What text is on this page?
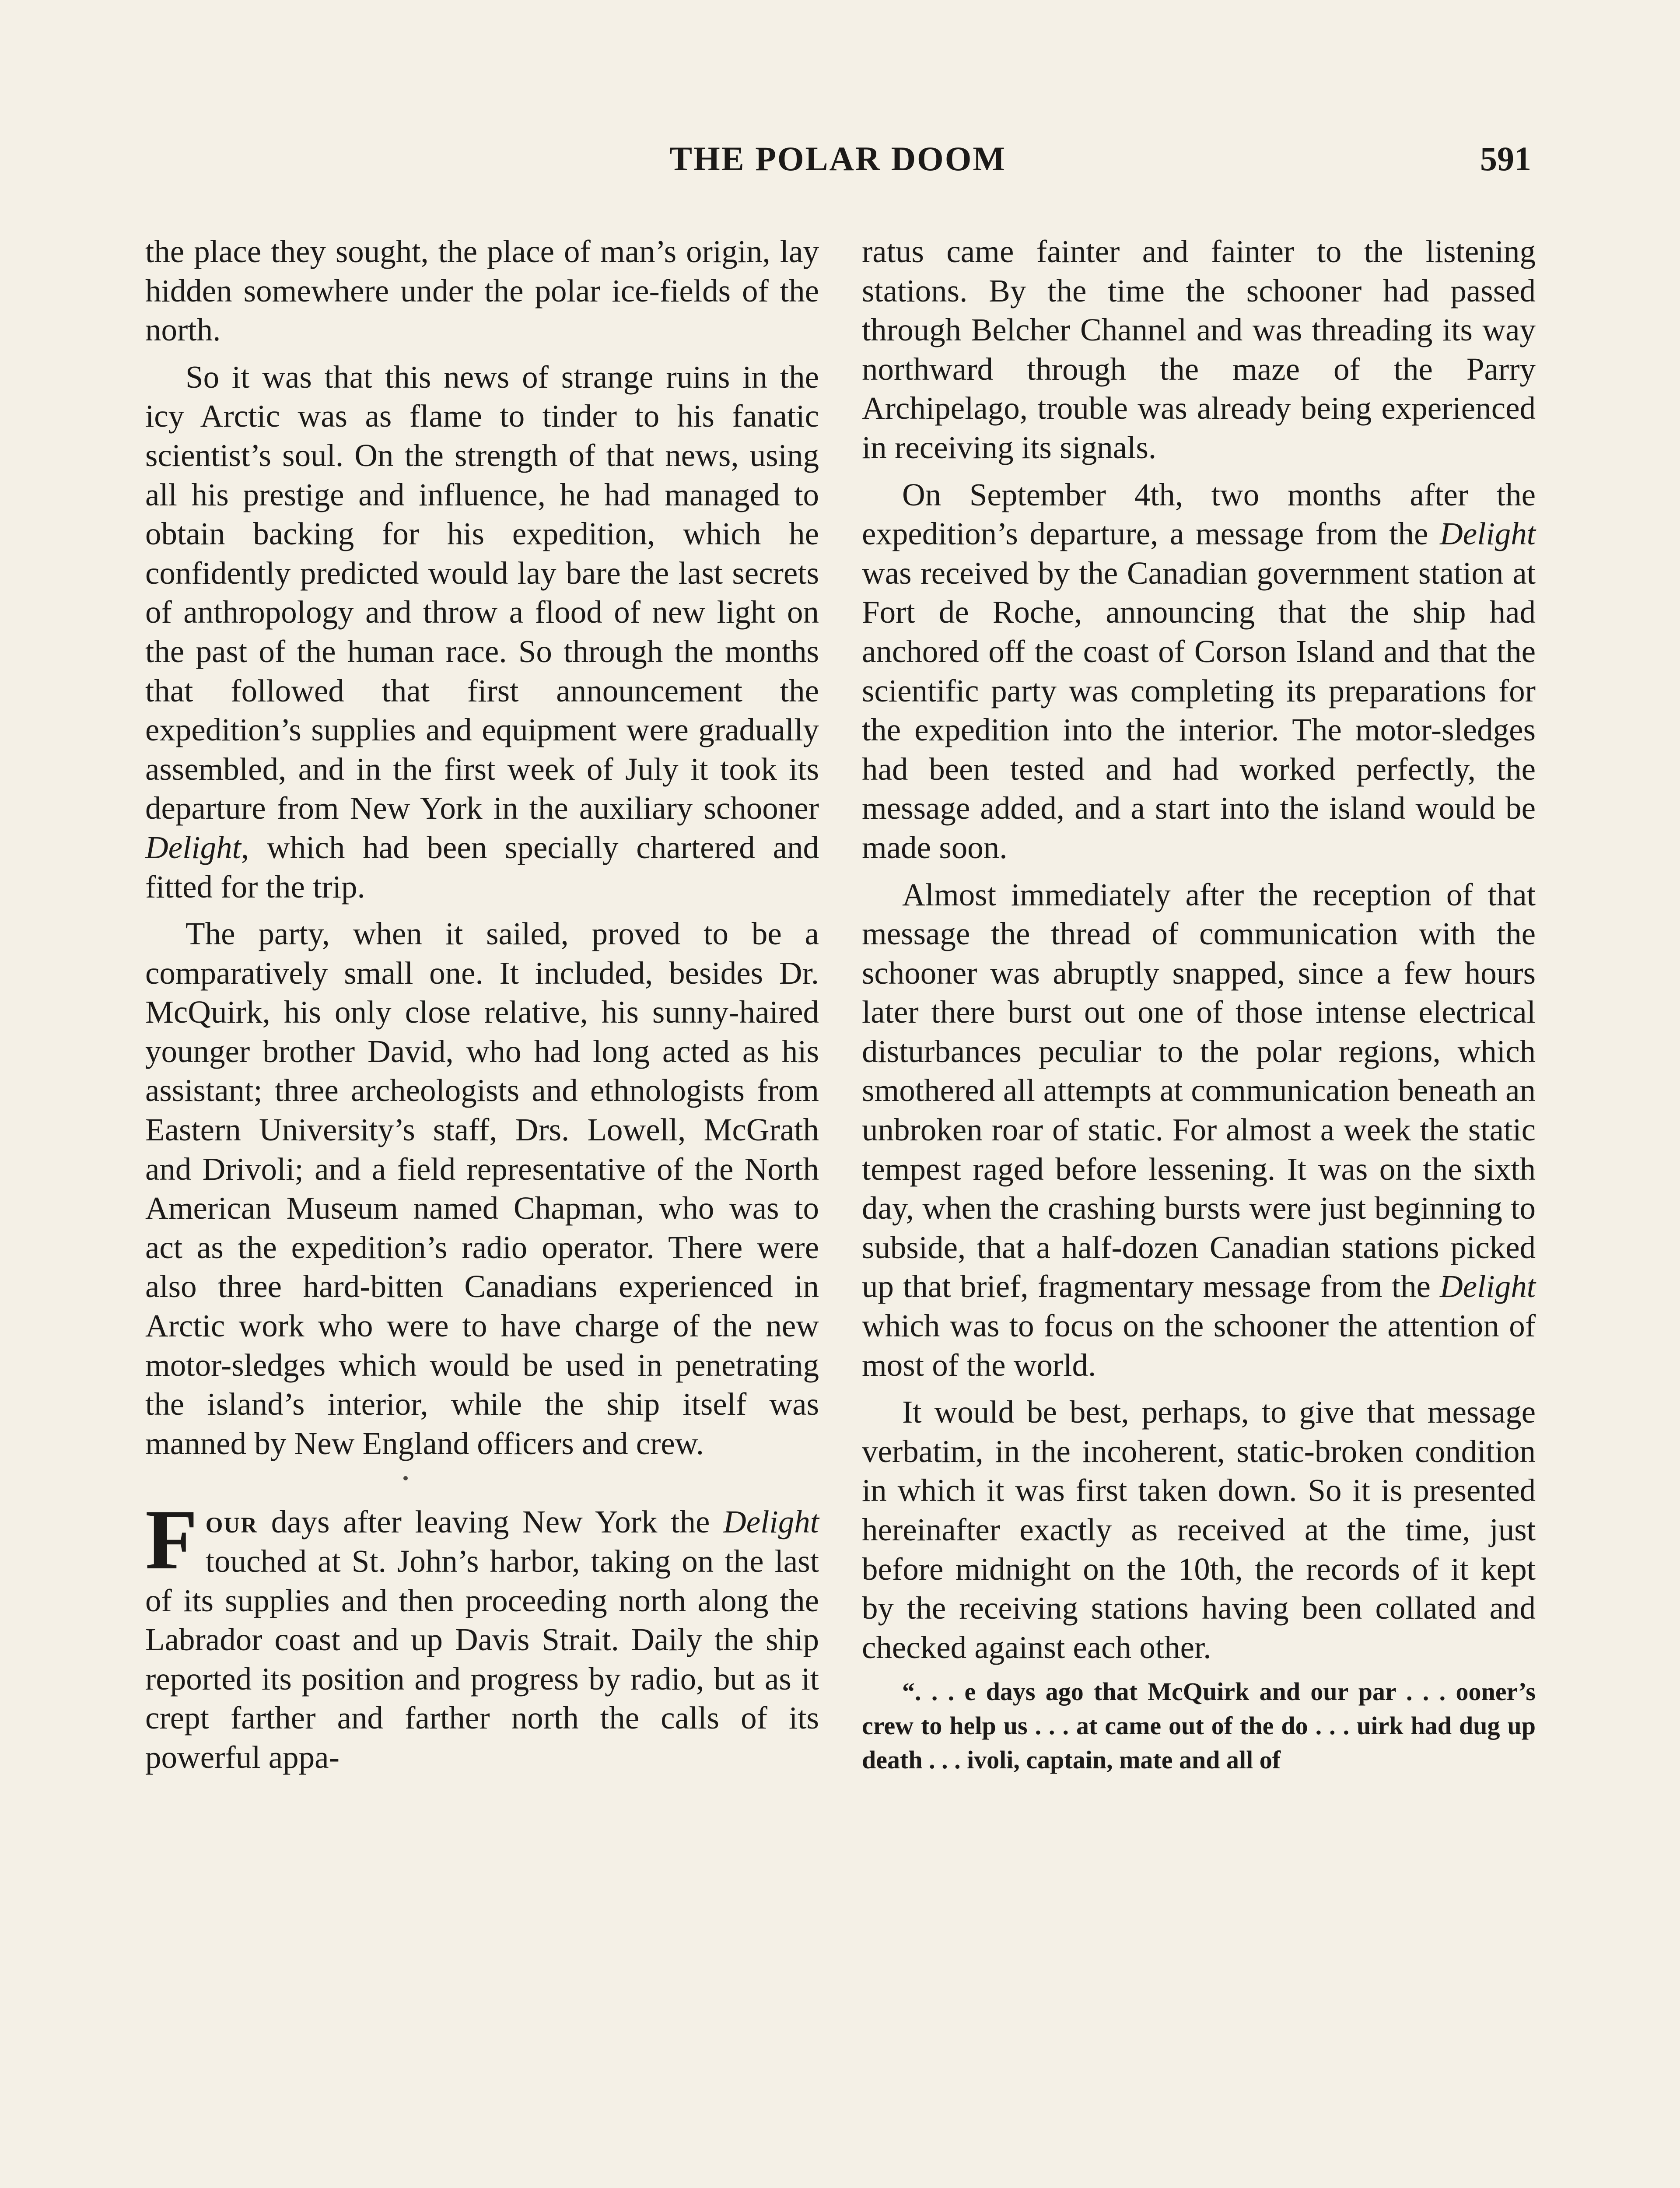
THE POLAR DOOM	591

the place they sought, the place of man’s origin, lay hidden somewhere under the polar ice-fields of the north.

So it was that this news of strange ruins in the icy Arctic was as flame to tinder to his fanatic scientist’s soul. On the strength of that news, using all his prestige and influence, he had managed to obtain backing for his expedition, which he confidently predicted would lay bare the last secrets of anthropology and throw a flood of new light on the past of the human race. So through the months that followed that first announcement the expedition’s supplies and equipment were gradually assembled, and in the first week of July it took its departure from New York in the auxiliary schooner Delight, which had been specially chartered and fitted for the trip.

The party, when it sailed, proved to be a comparatively small one. It included, besides Dr. McQuirk, his only close relative, his sunny-haired younger brother David, who had long acted as his assistant; three archeologists and ethnologists from Eastern University’s staff, Drs. Lowell, McGrath and Drivoli; and a field representative of the North American Museum named Chapman, who was to act as the expedition’s radio operator. There were also three hard-bitten Canadians experienced in Arctic work who were to have charge of the new motor-sledges which would be used in penetrating the island’s interior, while the ship itself was manned by New England officers and crew.

Four days after leaving New York the Delight touched at St. John’s harbor, taking on the last of its supplies and then proceeding north along the Labrador coast and up Davis Strait. Daily the ship reported its position and progress by radio, but as it crept farther and farther north the calls of its powerful appa-

ratus came fainter and fainter to the listening stations. By the time the schooner had passed through Belcher Channel and was threading its way northward through the maze of the Parry Archipelago, trouble was already being experienced in receiving its signals.

On September 4th, two months after the expedition’s departure, a message from the Delight was received by the Canadian government station at Fort de Roche, announcing that the ship had anchored off the coast of Corson Island and that the scientific party was completing its preparations for the expedition into the interior. The motor-sledges had been tested and had worked perfectly, the message added, and a start into the island would be made soon.

Almost immediately after the reception of that message the thread of communication with the schooner was abruptly snapped, since a few hours later there burst out one of those intense electrical disturbances peculiar to the polar regions, which smothered all attempts at communication beneath an unbroken roar of static. For almost a week the static tempest raged before lessening. It was on the sixth day, when the crashing bursts were just beginning to subside, that a half-dozen Canadian stations picked up that brief, fragmentary message from the Delight which was to focus on the schooner the attention of most of the world.

It would be best, perhaps, to give that message verbatim, in the incoherent, static-broken condition in which it was first taken down. So it is presented hereinafter exactly as received at the time, just before midnight on the 10th, the records of it kept by the receiving stations having been collated and checked against each other.

“. . . e days ago that McQuirk and our par . . . ooner’s crew to help us . . . at came out of the do . . . uirk had dug up death . . . ivoli, captain, mate and all of
